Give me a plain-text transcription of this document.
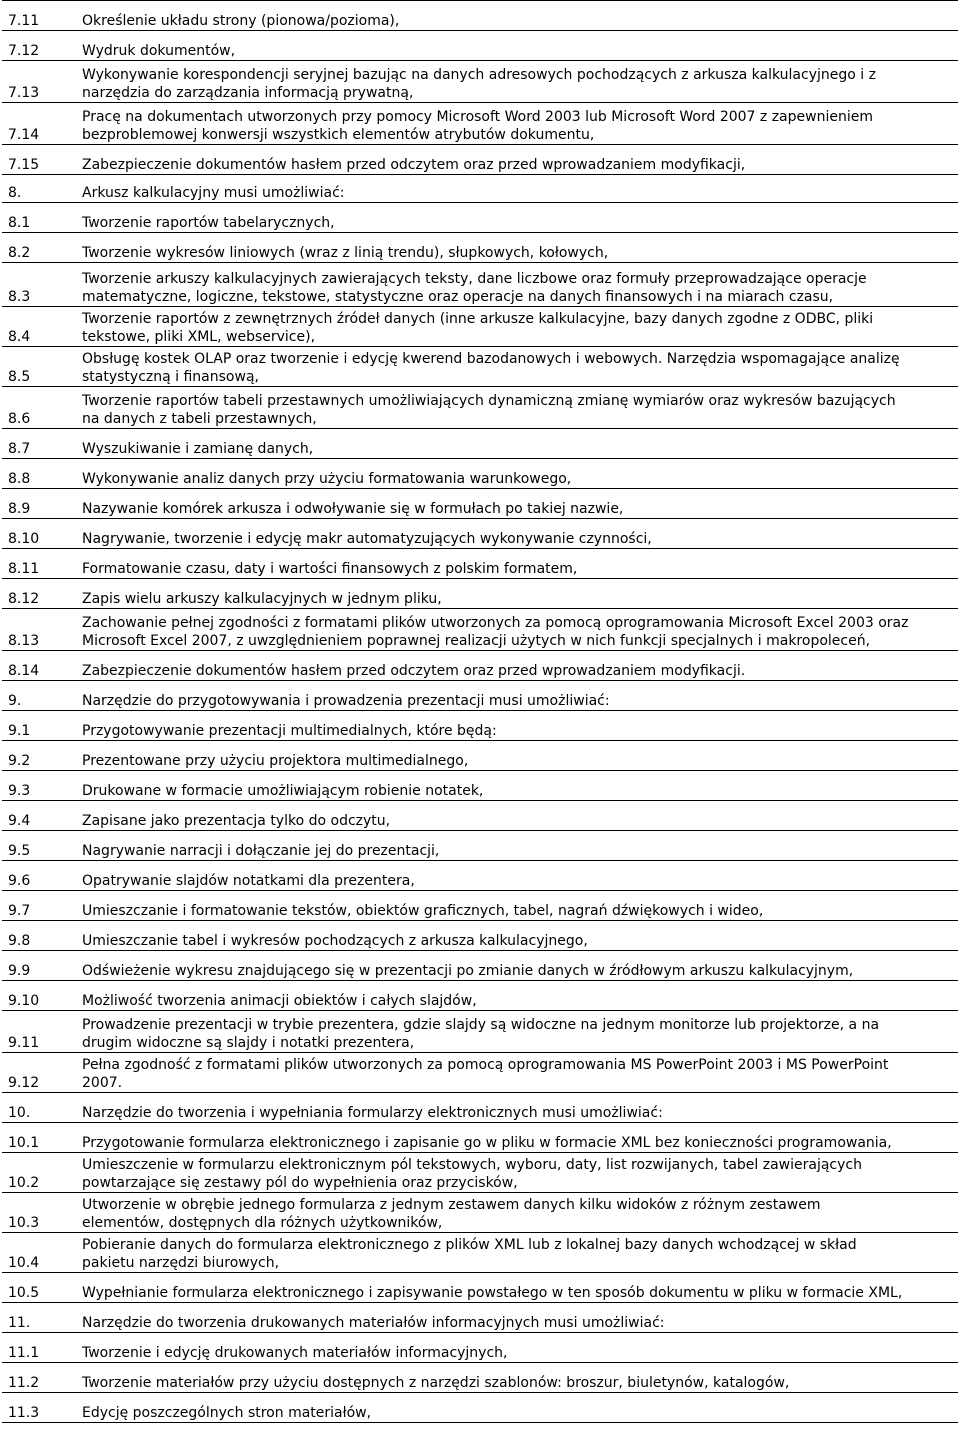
7.11	Określenie układu strony (pionowa/pozioma),

7.12	Wydruk dokumentów,

7.13	Wykonywanie korespondencji seryjnej bazując na danych adresowych pochodzących z arkusza kalkulacyjnego i z
narzędzia do zarządzania informacją prywatną,

7.14	Pracę na dokumentach utworzonych przy pomocy Microsoft Word 2003 lub Microsoft Word 2007 z zapewnieniem
bezproblemowej konwersji wszystkich elementów atrybutów dokumentu,

7.15	Zabezpieczenie dokumentów hasłem przed odczytem oraz przed wprowadzaniem modyfikacji,

8.	Arkusz kalkulacyjny musi umożliwiać:

8.1	Tworzenie raportów tabelarycznych,

8.2	Tworzenie wykresów liniowych (wraz z linią trendu), słupkowych, kołowych,

8.3	Tworzenie arkuszy kalkulacyjnych zawierających teksty, dane liczbowe oraz formuły przeprowadzające operacje
matematyczne, logiczne, tekstowe, statystyczne oraz operacje na danych finansowych i na miarach czasu,

8.4	Tworzenie raportów z zewnętrznych źródeł danych (inne arkusze kalkulacyjne, bazy danych zgodne z ODBC, pliki
tekstowe, pliki XML, webservice),

8.5	Obsługę kostek OLAP oraz tworzenie i edycję kwerend bazodanowych i webowych. Narzędzia wspomagające analizę
statystyczną i finansową,

8.6	Tworzenie raportów tabeli przestawnych umożliwiających dynamiczną zmianę wymiarów oraz wykresów bazujących
na danych z tabeli przestawnych,

8.7	Wyszukiwanie i zamianę danych,

8.8	Wykonywanie analiz danych przy użyciu formatowania warunkowego,

8.9	Nazywanie komórek arkusza i odwoływanie się w formułach po takiej nazwie,

8.10	Nagrywanie, tworzenie i edycję makr automatyzujących wykonywanie czynności,

8.11	Formatowanie czasu, daty i wartości finansowych z polskim formatem,

8.12	Zapis wielu arkuszy kalkulacyjnych w jednym pliku,

8.13	Zachowanie pełnej zgodności z formatami plików utworzonych za pomocą oprogramowania Microsoft Excel 2003 oraz
Microsoft Excel 2007, z uwzględnieniem poprawnej realizacji użytych w nich funkcji specjalnych i makropoleceń,

8.14	Zabezpieczenie dokumentów hasłem przed odczytem oraz przed wprowadzaniem modyfikacji.

9.	Narzędzie do przygotowywania i prowadzenia prezentacji musi umożliwiać:

9.1	Przygotowywanie prezentacji multimedialnych, które będą:

9.2	Prezentowane przy użyciu projektora multimedialnego,

9.3	Drukowane w formacie umożliwiającym robienie notatek,

9.4	Zapisane jako prezentacja tylko do odczytu,

9.5	Nagrywanie narracji i dołączanie jej do prezentacji,

9.6	Opatrywanie slajdów notatkami dla prezentera,

9.7	Umieszczanie i formatowanie tekstów, obiektów graficznych, tabel, nagrań dźwiękowych i wideo,

9.8	Umieszczanie tabel i wykresów pochodzących z arkusza kalkulacyjnego,

9.9	Odświeżenie wykresu znajdującego się w prezentacji po zmianie danych w źródłowym arkuszu kalkulacyjnym,

9.10	Możliwość tworzenia animacji obiektów i całych slajdów,

9.11	Prowadzenie prezentacji w trybie prezentera, gdzie slajdy są widoczne na jednym monitorze lub projektorze, a na
drugim widoczne są slajdy i notatki prezentera,

9.12	Pełna zgodność z formatami plików utworzonych za pomocą oprogramowania MS PowerPoint 2003 i MS PowerPoint
2007.

10.	Narzędzie do tworzenia i wypełniania formularzy elektronicznych musi umożliwiać:

10.1	Przygotowanie formularza elektronicznego i zapisanie go w pliku w formacie XML bez konieczności programowania,

10.2	Umieszczenie w formularzu elektronicznym pól tekstowych, wyboru, daty, list rozwijanych, tabel zawierających
powtarzające się zestawy pól do wypełnienia oraz przycisków,

10.3	Utworzenie w obrębie jednego formularza z jednym zestawem danych kilku widoków z różnym zestawem
elementów, dostępnych dla różnych użytkowników,

10.4	Pobieranie danych do formularza elektronicznego z plików XML lub z lokalnej bazy danych wchodzącej w skład
pakietu narzędzi biurowych,

10.5	Wypełnianie formularza elektronicznego i zapisywanie powstałego w ten sposób dokumentu w pliku w formacie XML,

11.	Narzędzie do tworzenia drukowanych materiałów informacyjnych musi umożliwiać:

11.1	Tworzenie i edycję drukowanych materiałów informacyjnych,

11.2	Tworzenie materiałów przy użyciu dostępnych z narzędzi szablonów: broszur, biuletynów, katalogów,

11.3	Edycję poszczególnych stron materiałów,
